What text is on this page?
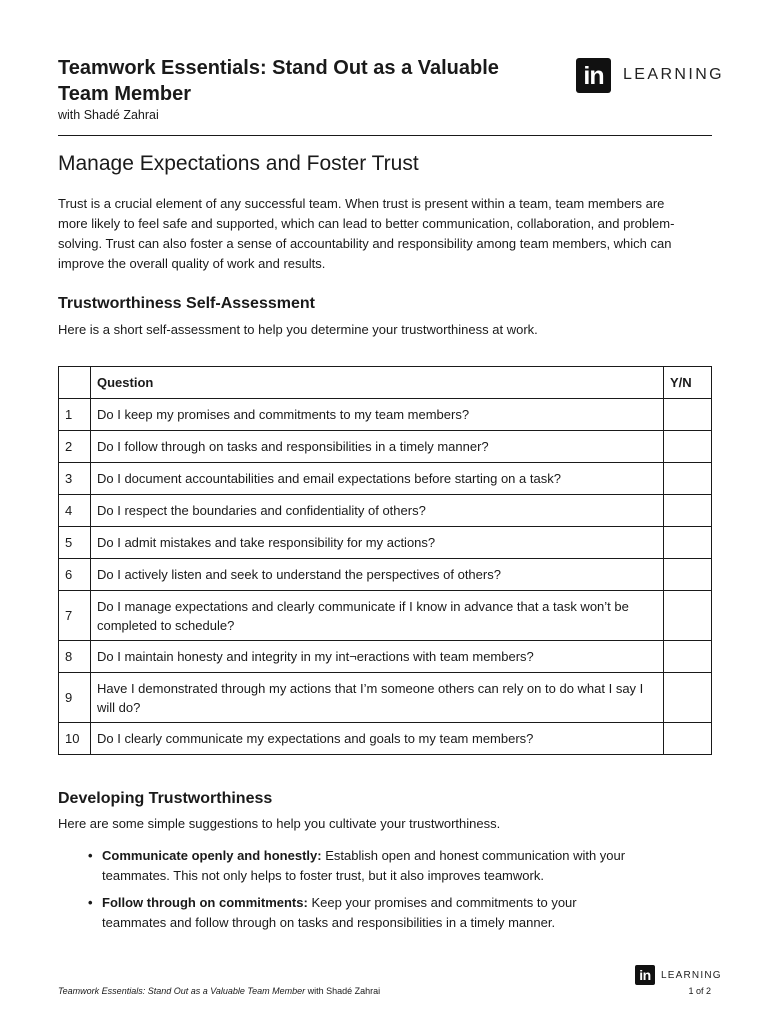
Teamwork Essentials: Stand Out as a Valuable Team Member
with Shadé Zahrai
in	LEARNING
Manage Expectations and Foster Trust

Trust is a crucial element of any successful team. When trust is present within a team, team members are more likely to feel safe and supported, which can lead to better communication, collaboration, and problem-solving. Trust can also foster a sense of accountability and responsibility among team members, which can improve the overall quality of work and results.

Trustworthiness Self-Assessment

Here is a short self-assessment to help you determine your trustworthiness at work.

	Question	Y/N
1	Do I keep my promises and commitments to my team members?	
2	Do I follow through on tasks and responsibilities in a timely manner?	
3	Do I document accountabilities and email expectations before starting on a task?	
4	Do I respect the boundaries and confidentiality of others?	
5	Do I admit mistakes and take responsibility for my actions?	
6	Do I actively listen and seek to understand the perspectives of others?	
7	Do I manage expectations and clearly communicate if I know in advance that a task won’t be completed to schedule?	
8	Do I maintain honesty and integrity in my int¬eractions with team members?	
9	Have I demonstrated through my actions that I’m someone others can rely on to do what I say I will do?	
10	Do I clearly communicate my expectations and goals to my team members?	
Developing Trustworthiness

Here are some simple suggestions to help you cultivate your trustworthiness.

• Communicate openly and honestly: Establish open and honest communication with your teammates. This not only helps to foster trust, but it also improves teamwork.
• Follow through on commitments: Keep your promises and commitments to your teammates and follow through on tasks and responsibilities in a timely manner.
in	LEARNING
Teamwork Essentials: Stand Out as a Valuable Team Member with Shadé Zahrai	1 of 2
